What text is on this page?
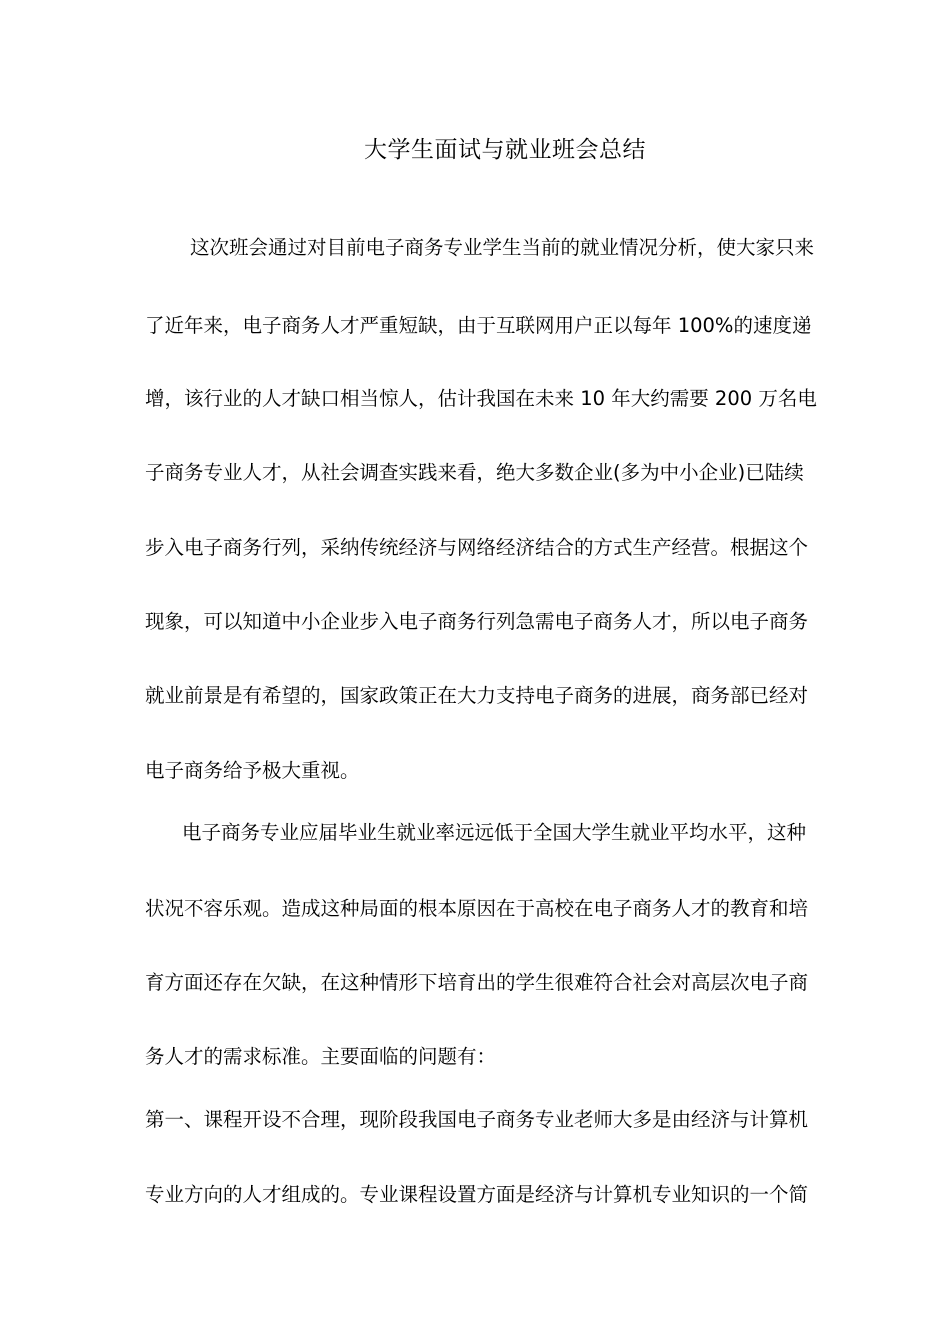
大学生面试与就业班会总结
这次班会通过对目前电子商务专业学生当前的就业情况分析，使大家只来
了近年来，电子商务人才严重短缺，由于互联网用户正以每年 100%的速度递
增，该行业的人才缺口相当惊人，估计我国在未来 10 年大约需要 200 万名电
子商务专业人才，从社会调查实践来看，绝大多数企业(多为中小企业)已陆续
步入电子商务行列，采纳传统经济与网络经济结合的方式生产经营。根据这个
现象，可以知道中小企业步入电子商务行列急需电子商务人才，所以电子商务
就业前景是有希望的，国家政策正在大力支持电子商务的进展，商务部已经对
电子商务给予极大重视。
电子商务专业应届毕业生就业率远远低于全国大学生就业平均水平，这种
状况不容乐观。造成这种局面的根本原因在于高校在电子商务人才的教育和培
育方面还存在欠缺，在这种情形下培育出的学生很难符合社会对高层次电子商
务人才的需求标准。主要面临的问题有：
第一、课程开设不合理，现阶段我国电子商务专业老师大多是由经济与计算机
专业方向的人才组成的。专业课程设置方面是经济与计算机专业知识的一个简
